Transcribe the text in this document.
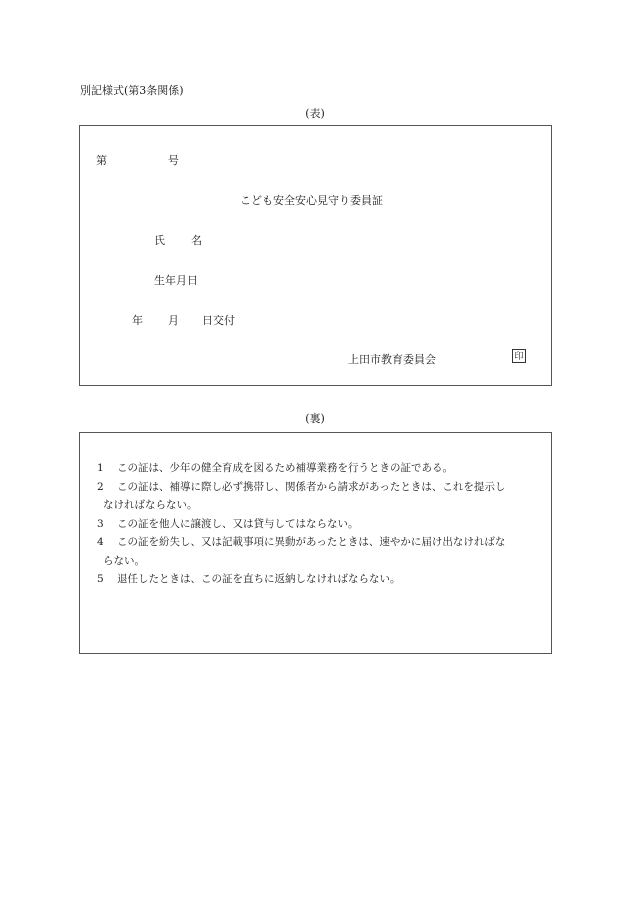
別記様式(第3条関係)
(表)
第	号
こども安全安心見守り委員証
氏 名
生年月日
年 月 日交付
上田市教育委員会	印
(裏)
1 この証は、少年の健全育成を図るため補導業務を行うときの証である。
2 この証は、補導に際し必ず携帯し、関係者から請求があったときは、これを提示し
なければならない。
3 この証を他人に譲渡し、又は貸与してはならない。
4 この証を紛失し、又は記載事項に異動があったときは、速やかに届け出なければな
らない。
5 退任したときは、この証を直ちに返納しなければならない。
